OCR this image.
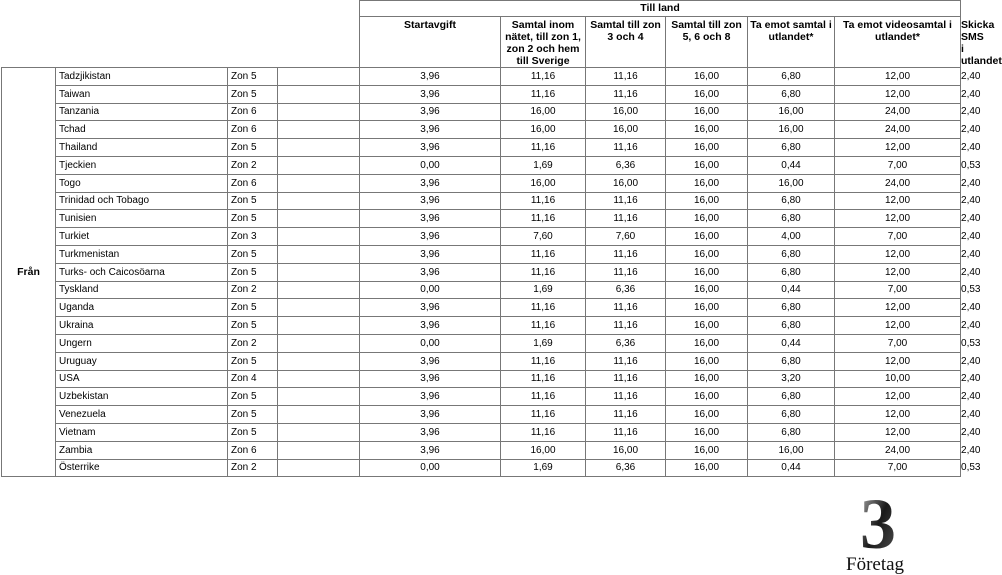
				Till land						
				Startavgift	Samtal inom nätet, till zon 1, zon 2 och hem till Sverige	Samtal till zon 3 och 4	Samtal till zon 5, 6 och 8	Ta emot samtal i utlandet*	Ta emot videosamtal i utlandet*	Skicka SMS i utlandet
Från	Tadzjikistan	Zon 5		3,96	11,16	11,16	16,00	6,80	12,00	2,40
	Taiwan	Zon 5		3,96	11,16	11,16	16,00	6,80	12,00	2,40
	Tanzania	Zon 6		3,96	16,00	16,00	16,00	16,00	24,00	2,40
	Tchad	Zon 6		3,96	16,00	16,00	16,00	16,00	24,00	2,40
	Thailand	Zon 5		3,96	11,16	11,16	16,00	6,80	12,00	2,40
	Tjeckien	Zon 2		0,00	1,69	6,36	16,00	0,44	7,00	0,53
	Togo	Zon 6		3,96	16,00	16,00	16,00	16,00	24,00	2,40
	Trinidad och Tobago	Zon 5		3,96	11,16	11,16	16,00	6,80	12,00	2,40
	Tunisien	Zon 5		3,96	11,16	11,16	16,00	6,80	12,00	2,40
	Turkiet	Zon 3		3,96	7,60	7,60	16,00	4,00	7,00	2,40
	Turkmenistan	Zon 5		3,96	11,16	11,16	16,00	6,80	12,00	2,40
	Turks- och Caicosöarna	Zon 5		3,96	11,16	11,16	16,00	6,80	12,00	2,40
	Tyskland	Zon 2		0,00	1,69	6,36	16,00	0,44	7,00	0,53
	Uganda	Zon 5		3,96	11,16	11,16	16,00	6,80	12,00	2,40
	Ukraina	Zon 5		3,96	11,16	11,16	16,00	6,80	12,00	2,40
	Ungern	Zon 2		0,00	1,69	6,36	16,00	0,44	7,00	0,53
	Uruguay	Zon 5		3,96	11,16	11,16	16,00	6,80	12,00	2,40
	USA	Zon 4		3,96	11,16	11,16	16,00	3,20	10,00	2,40
	Uzbekistan	Zon 5		3,96	11,16	11,16	16,00	6,80	12,00	2,40
	Venezuela	Zon 5		3,96	11,16	11,16	16,00	6,80	12,00	2,40
	Vietnam	Zon 5		3,96	11,16	11,16	16,00	6,80	12,00	2,40
	Zambia	Zon 6		3,96	16,00	16,00	16,00	16,00	24,00	2,40
	Österrike	Zon 2		0,00	1,69	6,36	16,00	0,44	7,00	0,53
3
Företag
